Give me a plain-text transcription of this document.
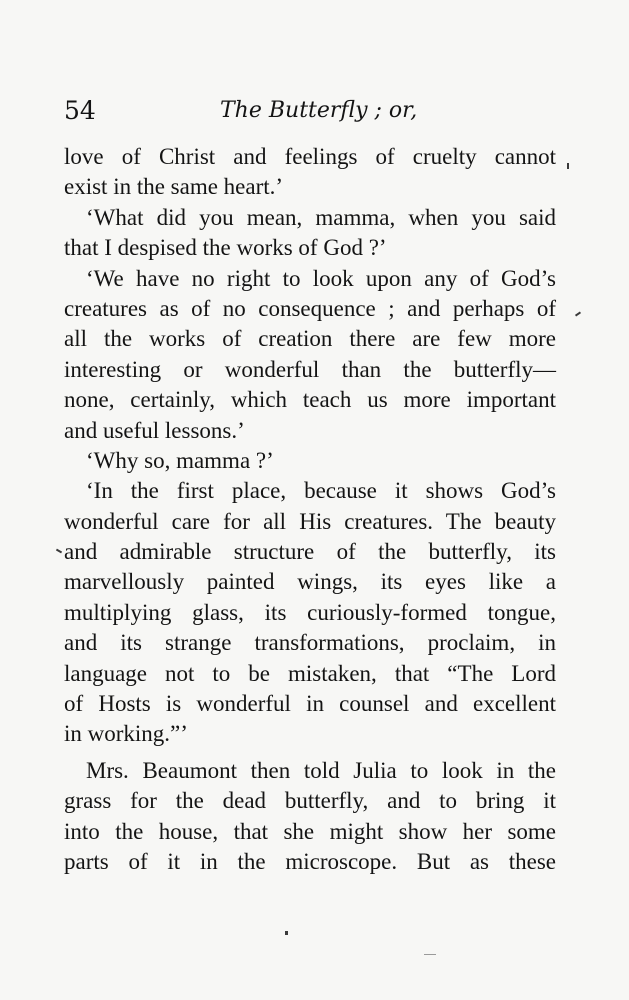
54	The Butterfly ; or,
love of Christ and feelings of cruelty cannot
exist in the same heart.’
‘What did you mean, mamma, when you said
that I despised the works of God ?’
‘We have no right to look upon any of God’s
creatures as of no consequence ; and perhaps of
all the works of creation there are few more
interesting or wonderful than the butterfly—
none, certainly, which teach us more important
and useful lessons.’
‘Why so, mamma ?’
‘In the first place, because it shows God’s
wonderful care for all His creatures. The beauty
and admirable structure of the butterfly, its
marvellously painted wings, its eyes like a
multiplying glass, its curiously-formed tongue,
and its strange transformations, proclaim, in
language not to be mistaken, that “The Lord
of Hosts is wonderful in counsel and excellent
in working.”’
Mrs. Beaumont then told Julia to look in the
grass for the dead butterfly, and to bring it
into the house, that she might show her some
parts of it in the microscope. But as these
